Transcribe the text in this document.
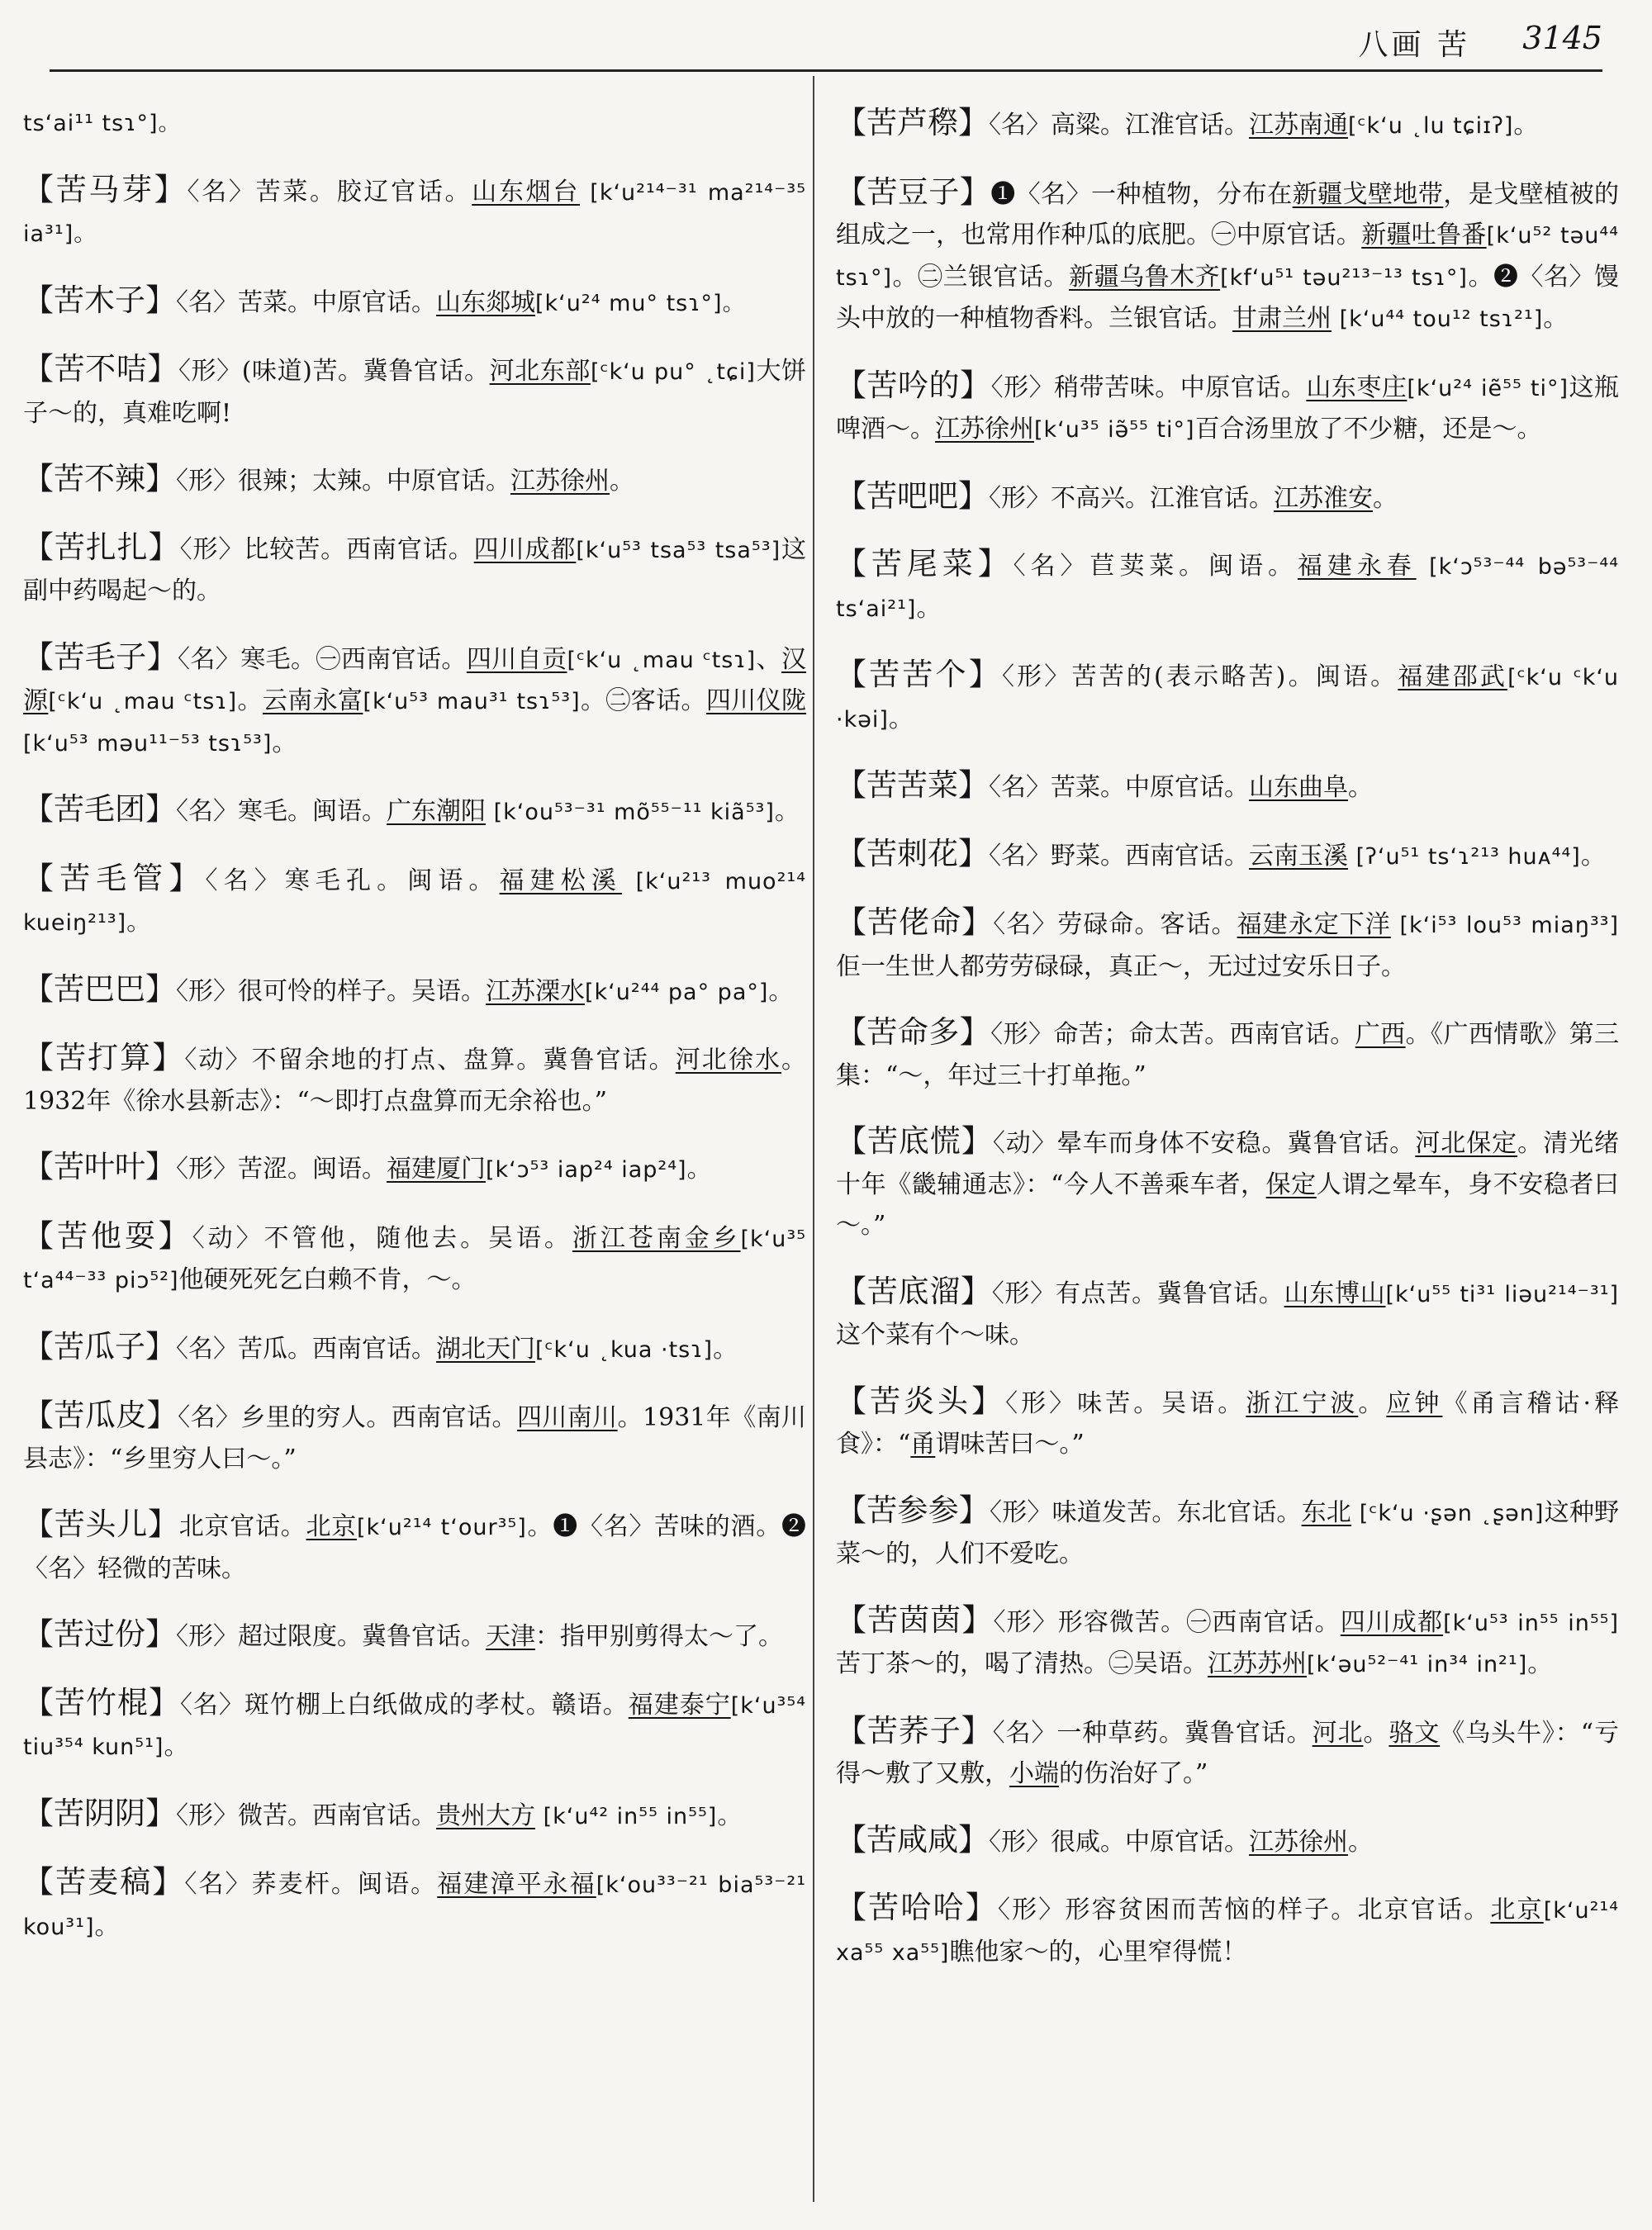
八画 苦 3145

ts‘ai¹¹ tsɿ°]。

【苦马芽】〈名〉苦菜。胶辽官话。山东烟台 [k‘u²¹⁴⁻³¹ ma²¹⁴⁻³⁵ ia³¹]。

【苦木子】〈名〉苦菜。中原官话。山东郯城[k‘u²⁴ mu° tsɿ°]。

【苦不咭】〈形〉(味道)苦。冀鲁官话。河北东部[ᶜk‘u pu° ˛tɕi]大饼子～的，真难吃啊!

【苦不辣】〈形〉很辣；太辣。中原官话。江苏徐州。

【苦扎扎】〈形〉比较苦。西南官话。四川成都[k‘u⁵³ tsa⁵³ tsa⁵³]这副中药喝起～的。

【苦毛子】〈名〉寒毛。㊀西南官话。四川自贡[ᶜk‘u ˛mau ᶜtsɿ]、汉源[ᶜk‘u ˛mau ᶜtsɿ]。云南永富[k‘u⁵³ mau³¹ tsɿ⁵³]。㊁客话。四川仪陇[k‘u⁵³ məu¹¹⁻⁵³ tsɿ⁵³]。

【苦毛团】〈名〉寒毛。闽语。广东潮阳 [k‘ou⁵³⁻³¹ mõ⁵⁵⁻¹¹ kiã⁵³]。

【苦毛管】〈名〉寒毛孔。闽语。福建松溪 [k‘u²¹³ muo²¹⁴ kueiŋ²¹³]。

【苦巴巴】〈形〉很可怜的样子。吴语。江苏溧水[k‘u²⁴⁴ pa° pa°]。

【苦打算】〈动〉不留余地的打点、盘算。冀鲁官话。河北徐水。1932年《徐水县新志》：“～即打点盘算而无余裕也。”

【苦叶叶】〈形〉苦涩。闽语。福建厦门[k‘ɔ⁵³ iap²⁴ iap²⁴]。

【苦他耍】〈动〉不管他，随他去。吴语。浙江苍南金乡[k‘u³⁵ t‘a⁴⁴⁻³³ piɔ⁵²]他硬死死乞白赖不肯，～。

【苦瓜子】〈名〉苦瓜。西南官话。湖北天门[ᶜk‘u ˛kua ·tsɿ]。

【苦瓜皮】〈名〉乡里的穷人。西南官话。四川南川。1931年《南川县志》：“乡里穷人曰～。”

【苦头儿】北京官话。北京[k‘u²¹⁴ t‘our³⁵]。❶〈名〉苦味的酒。❷〈名〉轻微的苦味。

【苦过份】〈形〉超过限度。冀鲁官话。天津：指甲别剪得太～了。

【苦竹棍】〈名〉斑竹棚上白纸做成的孝杖。赣语。福建泰宁[k‘u³⁵⁴ tiu³⁵⁴ kun⁵¹]。

【苦阴阴】〈形〉微苦。西南官话。贵州大方 [k‘u⁴² in⁵⁵ in⁵⁵]。

【苦麦稿】〈名〉荞麦杆。闽语。福建漳平永福[k‘ou³³⁻²¹ bia⁵³⁻²¹ kou³¹]。

【苦芦穄】〈名〉高粱。江淮官话。江苏南通[ᶜk‘u ˛lu tɕiɪʔ]。

【苦豆子】❶〈名〉一种植物，分布在新疆戈壁地带，是戈壁植被的组成之一，也常用作种瓜的底肥。㊀中原官话。新疆吐鲁番[k‘u⁵² təu⁴⁴ tsɿ°]。㊁兰银官话。新疆乌鲁木齐[kf‘u⁵¹ təu²¹³⁻¹³ tsɿ°]。❷〈名〉馒头中放的一种植物香料。兰银官话。甘肃兰州 [k‘u⁴⁴ tou¹² tsɿ²¹]。

【苦吟的】〈形〉稍带苦味。中原官话。山东枣庄[k‘u²⁴ iẽ⁵⁵ ti°]这瓶啤酒～。江苏徐州[k‘u³⁵ iə̃⁵⁵ ti°]百合汤里放了不少糖，还是～。

【苦吧吧】〈形〉不高兴。江淮官话。江苏淮安。

【苦尾菜】〈名〉苣荬菜。闽语。福建永春 [k‘ɔ⁵³⁻⁴⁴ bə⁵³⁻⁴⁴ ts‘ai²¹]。

【苦苦个】〈形〉苦苦的(表示略苦)。闽语。福建邵武[ᶜk‘u ᶜk‘u ·kəi]。

【苦苦菜】〈名〉苦菜。中原官话。山东曲阜。

【苦刺花】〈名〉野菜。西南官话。云南玉溪 [ʔ‘u⁵¹ ts‘ɿ²¹³ huᴀ⁴⁴]。

【苦佬命】〈名〉劳碌命。客话。福建永定下洋 [k‘i⁵³ lou⁵³ miaŋ³³]佢一生世人都劳劳碌碌，真正～，无过过安乐日子。

【苦命多】〈形〉命苦；命太苦。西南官话。广西。《广西情歌》第三集：“～，年过三十打单拖。”

【苦底慌】〈动〉晕车而身体不安稳。冀鲁官话。河北保定。清光绪十年《畿辅通志》：“今人不善乘车者，保定人谓之晕车，身不安稳者曰～。”

【苦底溜】〈形〉有点苦。冀鲁官话。山东博山[k‘u⁵⁵ ti³¹ liəu²¹⁴⁻³¹]这个菜有个～味。

【苦炎头】〈形〉味苦。吴语。浙江宁波。应钟《甬言稽诂·释食》：“甬谓味苦曰～。”

【苦参参】〈形〉味道发苦。东北官话。东北 [ᶜk‘u ·ʂən ˛ʂən]这种野菜～的，人们不爱吃。

【苦茵茵】〈形〉形容微苦。㊀西南官话。四川成都[k‘u⁵³ in⁵⁵ in⁵⁵] 苦丁茶～的，喝了清热。㊁吴语。江苏苏州[k‘əu⁵²⁻⁴¹ in³⁴ in²¹]。

【苦荞子】〈名〉一种草药。冀鲁官话。河北。骆文《乌头牛》：“亏得～敷了又敷，小端的伤治好了。”

【苦咸咸】〈形〉很咸。中原官话。江苏徐州。

【苦哈哈】〈形〉形容贫困而苦恼的样子。北京官话。北京[k‘u²¹⁴ xa⁵⁵ xa⁵⁵]瞧他家～的，心里窄得慌！
